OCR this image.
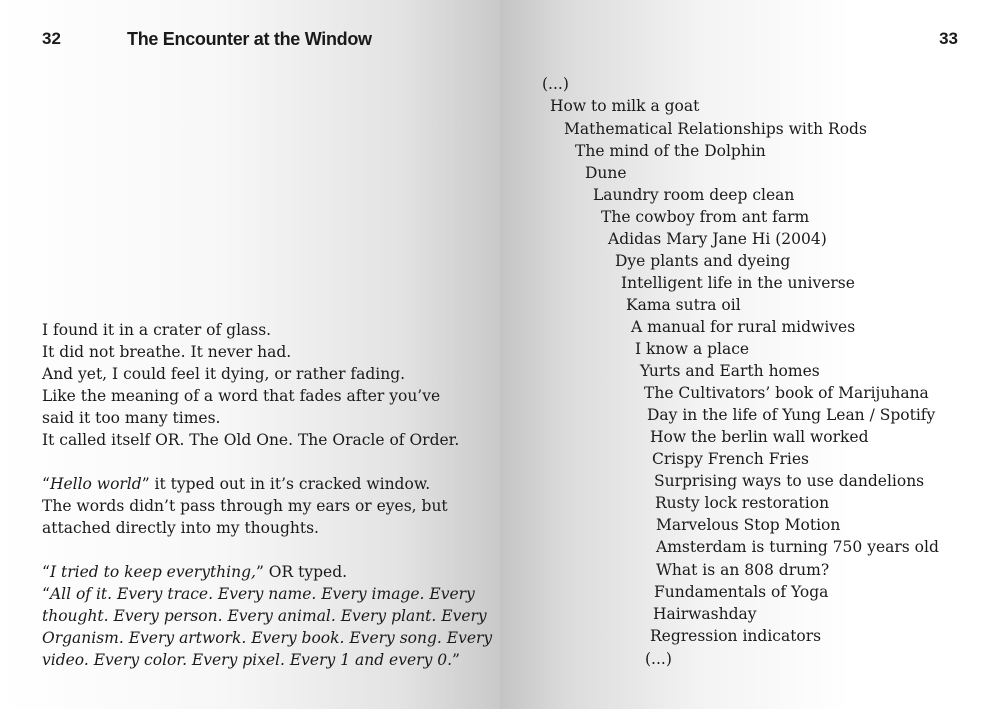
32	The Encounter at the Window
I found it in a crater of glass.
It did not breathe. It never had.
And yet, I could feel it dying, or rather fading.
Like the meaning of a word that fades after you’ve
said it too many times.
It called itself OR. The Old One. The Oracle of Order.
“Hello world” it typed out in it’s cracked window.
The words didn’t pass through my ears or eyes, but
attached directly into my thoughts.
“I tried to keep everything,” OR typed.
“All of it. Every trace. Every name. Every image. Every
thought. Every person. Every animal. Every plant. Every
Organism. Every artwork. Every book. Every song. Every
video. Every color. Every pixel. Every 1 and every 0.”
33
(...)
How to milk a goat
Mathematical Relationships with Rods
The mind of the Dolphin
Dune
Laundry room deep clean
The cowboy from ant farm
Adidas Mary Jane Hi (2004)
Dye plants and dyeing
Intelligent life in the universe
Kama sutra oil
A manual for rural midwives
I know a place
Yurts and Earth homes
The Cultivators’ book of Marijuhana
Day in the life of Yung Lean / Spotify
How the berlin wall worked
Crispy French Fries
Surprising ways to use dandelions
Rusty lock restoration
Marvelous Stop Motion
Amsterdam is turning 750 years old
What is an 808 drum?
Fundamentals of Yoga
Hairwashday
Regression indicators
(...)
